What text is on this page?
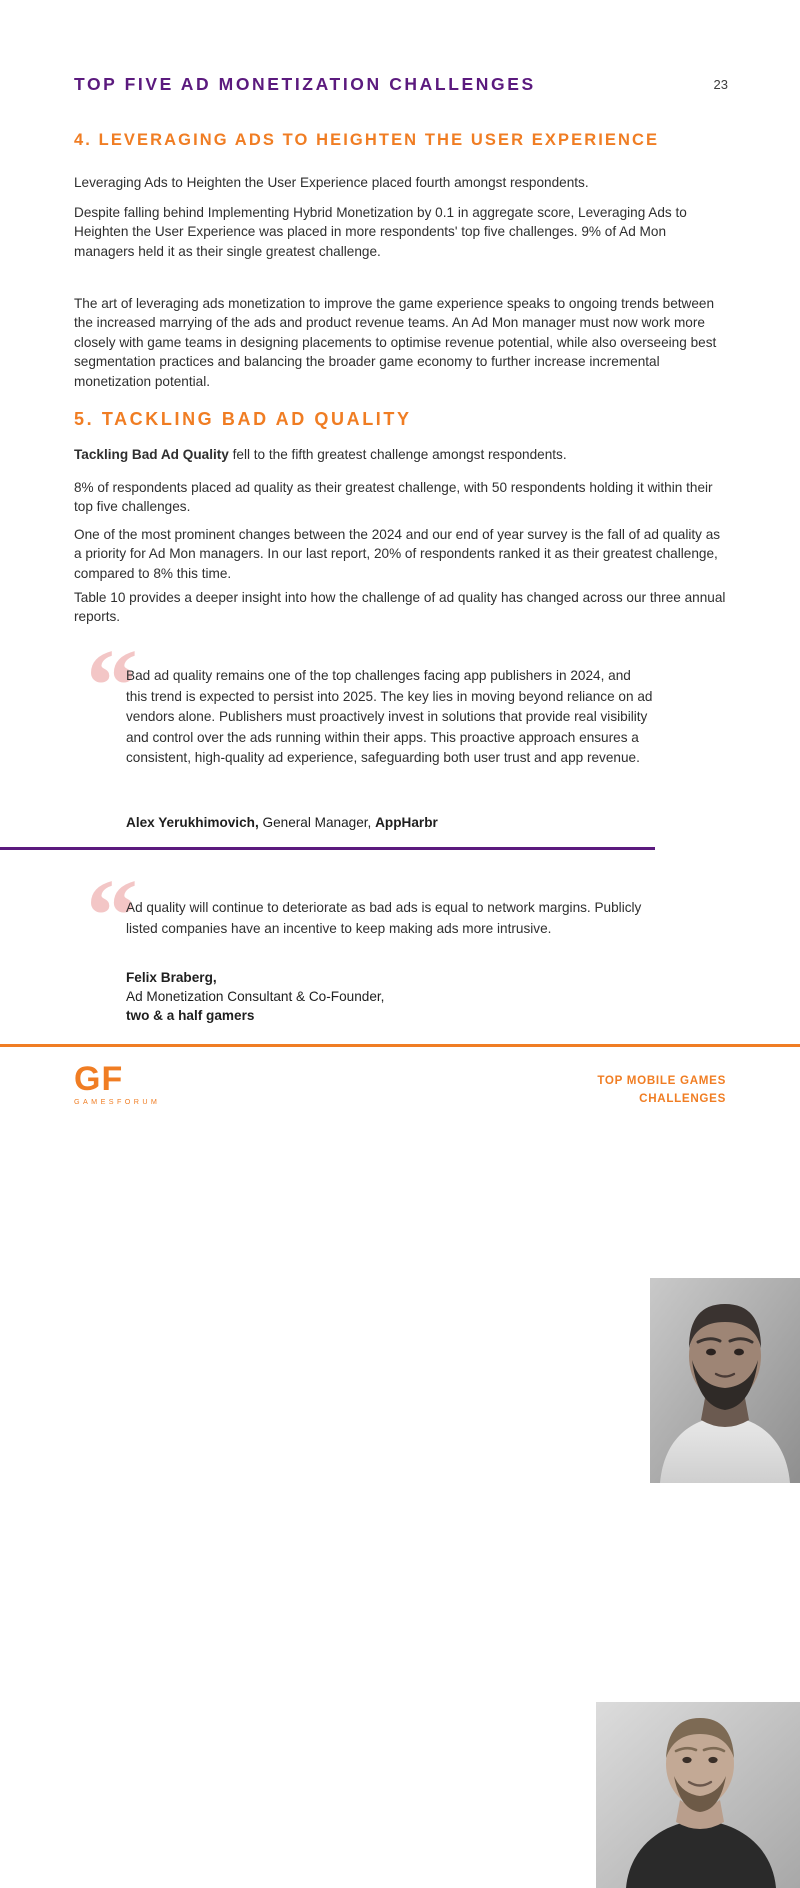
TOP FIVE AD MONETIZATION CHALLENGES	23
4. LEVERAGING ADS TO HEIGHTEN THE USER EXPERIENCE
Leveraging Ads to Heighten the User Experience placed fourth amongst respondents.
Despite falling behind Implementing Hybrid Monetization by 0.1 in aggregate score, Leveraging Ads to Heighten the User Experience was placed in more respondents' top five challenges. 9% of Ad Mon managers held it as their single greatest challenge.
The art of leveraging ads monetization to improve the game experience speaks to ongoing trends between the increased marrying of the ads and product revenue teams. An Ad Mon manager must now work more closely with game teams in designing placements to optimise revenue potential, while also overseeing best segmentation practices and balancing the broader game economy to further increase incremental monetization potential.
5. TACKLING BAD AD QUALITY
Tackling Bad Ad Quality fell to the fifth greatest challenge amongst respondents.
8% of respondents placed ad quality as their greatest challenge, with 50 respondents holding it within their top five challenges.
One of the most prominent changes between the 2024 and our end of year survey is the fall of ad quality as a priority for Ad Mon managers. In our last report, 20% of respondents ranked it as their greatest challenge, compared to 8% this time.
Table 10 provides a deeper insight into how the challenge of ad quality has changed across our three annual reports.
“
Bad ad quality remains one of the top challenges facing app publishers in 2024, and this trend is expected to persist into 2025. The key lies in moving beyond reliance on ad vendors alone. Publishers must proactively invest in solutions that provide real visibility and control over the ads running within their apps. This proactive approach ensures a consistent, high-quality ad experience, safeguarding both user trust and app revenue.
Alex Yerukhimovich, General Manager, AppHarbr
“
Ad quality will continue to deteriorate as bad ads is equal to network margins. Publicly listed companies have an incentive to keep making ads more intrusive.
Felix Braberg,
Ad Monetization Consultant & Co-Founder,
two & a half gamers
GF
GAMESFORUM
TOP MOBILE GAMES
CHALLENGES
